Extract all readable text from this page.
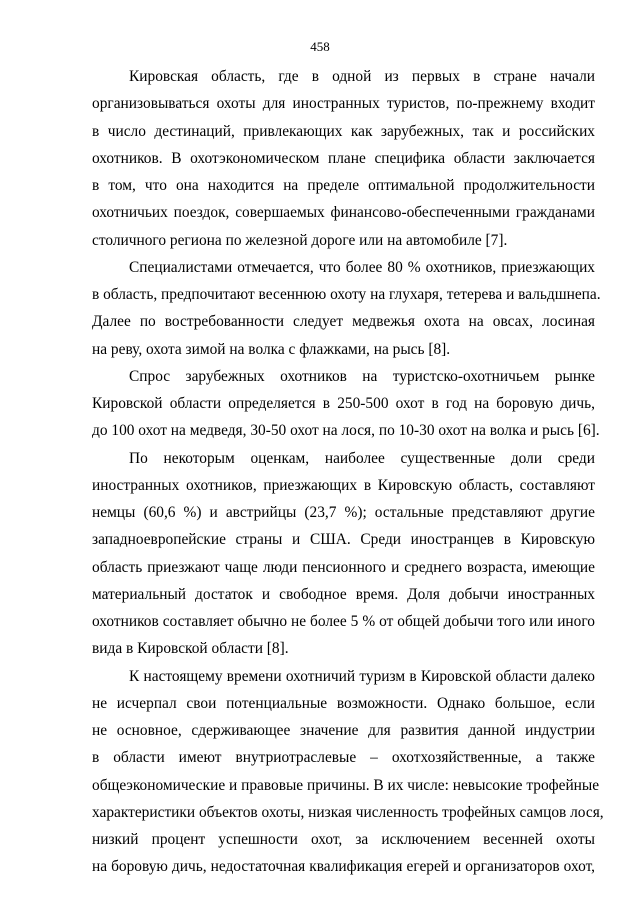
458

Кировская область, где в одной из первых в стране начали
организовываться охоты для иностранных туристов, по-прежнему входит
в число дестинаций, привлекающих как зарубежных, так и российских
охотников. В охотэкономическом плане специфика области заключается
в том, что она находится на пределе оптимальной продолжительности
охотничьих поездок, совершаемых финансово-обеспеченными гражданами
столичного региона по железной дороге или на автомобиле [7].

Специалистами отмечается, что более 80 % охотников, приезжающих
в область, предпочитают весеннюю охоту на глухаря, тетерева и вальдшнепа.
Далее по востребованности следует медвежья охота на овсах, лосиная
на реву, охота зимой на волка с флажками, на рысь [8].

Спрос зарубежных охотников на туристско-охотничьем рынке
Кировской области определяется в 250-500 охот в год на боровую дичь,
до 100 охот на медведя, 30-50 охот на лося, по 10-30 охот на волка и рысь [6].

По некоторым оценкам, наиболее существенные доли среди
иностранных охотников, приезжающих в Кировскую область, составляют
немцы (60,6 %) и австрийцы (23,7 %); остальные представляют другие
западноевропейские страны и США. Среди иностранцев в Кировскую
область приезжают чаще люди пенсионного и среднего возраста, имеющие
материальный достаток и свободное время. Доля добычи иностранных
охотников составляет обычно не более 5 % от общей добычи того или иного
вида в Кировской области [8].

К настоящему времени охотничий туризм в Кировской области далеко
не исчерпал свои потенциальные возможности. Однако большое, если
не основное, сдерживающее значение для развития данной индустрии
в области имеют внутриотраслевые – охотхозяйственные, а также
общеэкономические и правовые причины. В их числе: невысокие трофейные
характеристики объектов охоты, низкая численность трофейных самцов лося,
низкий процент успешности охот, за исключением весенней охоты
на боровую дичь, недостаточная квалификация егерей и организаторов охот,
